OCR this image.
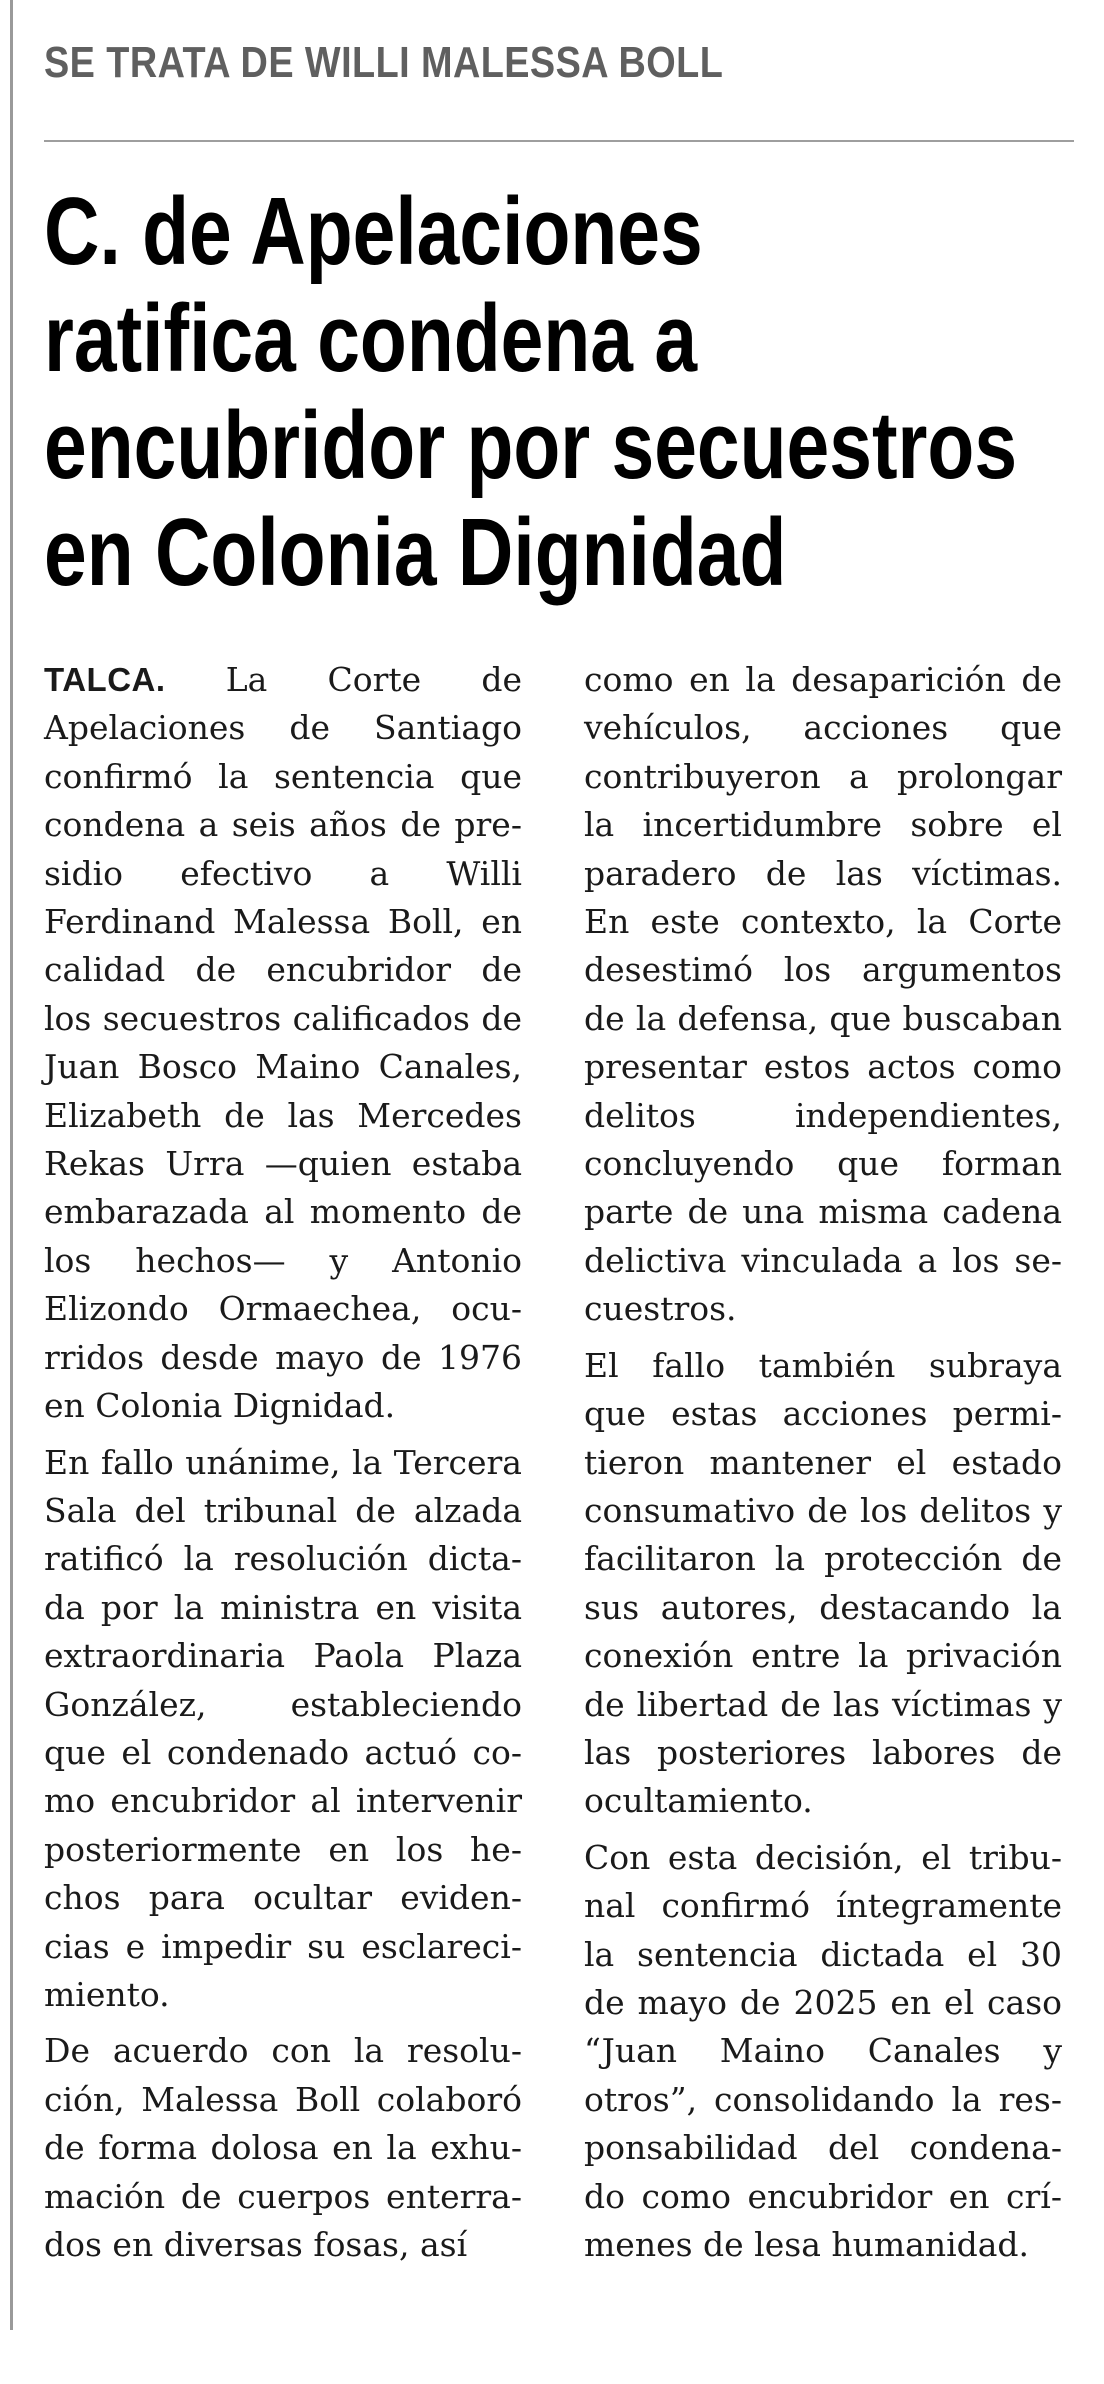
SE TRATA DE WILLI MALESSA BOLL
C. de Apelaciones
ratifica condena a
encubridor por secuestros
en Colonia Dignidad

TALCA. La Corte de
Apelaciones de Santiago
confirmó la sentencia que
condena a seis años de pre-
sidio efectivo a Willi
Ferdinand Malessa Boll, en
calidad de encubridor de
los secuestros calificados de
Juan Bosco Maino Canales,
Elizabeth de las Mercedes
Rekas Urra —quien estaba
embarazada al momento de
los hechos— y Antonio
Elizondo Ormaechea, ocu-
rridos desde mayo de 1976
en Colonia Dignidad.

En fallo unánime, la Tercera
Sala del tribunal de alzada
ratificó la resolución dicta-
da por la ministra en visita
extraordinaria Paola Plaza
González, estableciendo
que el condenado actuó co-
mo encubridor al intervenir
posteriormente en los he-
chos para ocultar eviden-
cias e impedir su esclareci-
miento.

De acuerdo con la resolu-
ción, Malessa Boll colaboró
de forma dolosa en la exhu-
mación de cuerpos enterra-
dos en diversas fosas, así

como en la desaparición de
vehículos, acciones que
contribuyeron a prolongar
la incertidumbre sobre el
paradero de las víctimas.
En este contexto, la Corte
desestimó los argumentos
de la defensa, que buscaban
presentar estos actos como
delitos independientes,
concluyendo que forman
parte de una misma cadena
delictiva vinculada a los se-
cuestros.

El fallo también subraya
que estas acciones permi-
tieron mantener el estado
consumativo de los delitos y
facilitaron la protección de
sus autores, destacando la
conexión entre la privación
de libertad de las víctimas y
las posteriores labores de
ocultamiento.

Con esta decisión, el tribu-
nal confirmó íntegramente
la sentencia dictada el 30
de mayo de 2025 en el caso
“Juan Maino Canales y
otros”, consolidando la res-
ponsabilidad del condena-
do como encubridor en crí-
menes de lesa humanidad.
